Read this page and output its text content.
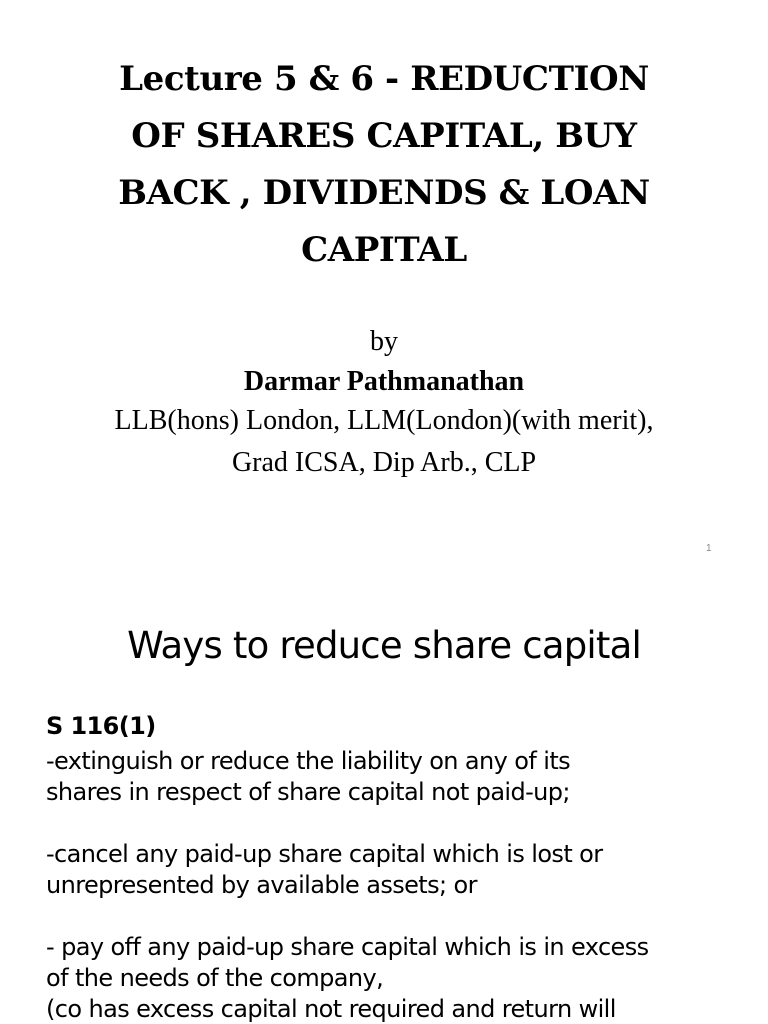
Lecture 5 & 6 - REDUCTION
OF SHARES CAPITAL, BUY
BACK , DIVIDENDS & LOAN
CAPITAL
by
Darmar Pathmanathan
LLB(hons) London, LLM(London)(with merit),
Grad ICSA, Dip Arb., CLP
1
Ways to reduce share capital
S 116(1)
-extinguish or reduce the liability on any of its
shares in respect of share capital not paid-up;
-cancel any paid-up share capital which is lost or
unrepresented by available assets; or
- pay off any paid-up share capital which is in excess
of the needs of the company,
(co has excess capital not required and return will
